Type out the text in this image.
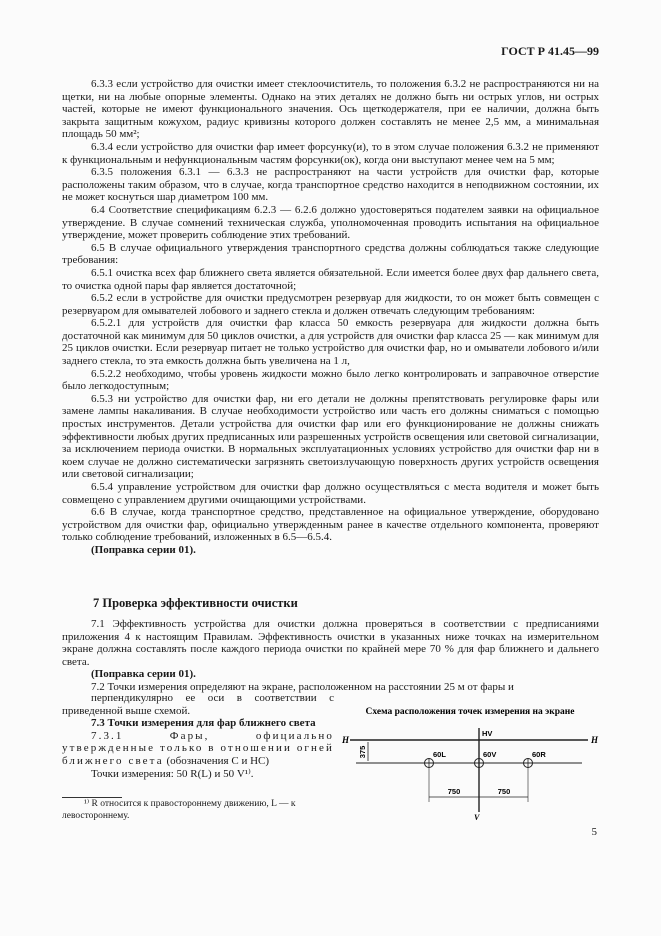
ГОСТ Р 41.45—99

6.3.3 если устройство для очистки имеет стеклоочиститель, то положения 6.3.2 не распространяются ни на щетки, ни на любые опорные элементы. Однако на этих деталях не должно быть ни острых углов, ни острых частей, которые не имеют функционального значения. Ось щеткодержателя, при ее наличии, должна быть закрыта защитным кожухом, радиус кривизны которого должен составлять не менее 2,5 мм, а минимальная площадь 50 мм²;

6.3.4 если устройство для очистки фар имеет форсунку(и), то в этом случае положения 6.3.2 не применяют к функциональным и нефункциональным частям форсунки(ок), когда они выступают менее чем на 5 мм;

6.3.5 положения 6.3.1 — 6.3.3 не распространяют на части устройств для очистки фар, которые расположены таким образом, что в случае, когда транспортное средство находится в неподвижном состоянии, их не может коснуться шар диаметром 100 мм.

6.4 Соответствие спецификациям 6.2.3 — 6.2.6 должно удостоверяться подателем заявки на официальное утверждение. В случае сомнений техническая служба, уполномоченная проводить испытания на официальное утверждение, может проверить соблюдение этих требований.

6.5 В случае официального утверждения транспортного средства должны соблюдаться также следующие требования:

6.5.1 очистка всех фар ближнего света является обязательной. Если имеется более двух фар дальнего света, то очистка одной пары фар является достаточной;

6.5.2 если в устройстве для очистки предусмотрен резервуар для жидкости, то он может быть совмещен с резервуаром для омывателей лобового и заднего стекла и должен отвечать следующим требованиям:

6.5.2.1 для устройств для очистки фар класса 50 емкость резервуара для жидкости должна быть достаточной как минимум для 50 циклов очистки, а для устройств для очистки фар класса 25 — как минимум для 25 циклов очистки. Если резервуар питает не только устройство для очистки фар, но и омыватели лобового и/или заднего стекла, то эта емкость должна быть увеличена на 1 л,

6.5.2.2 необходимо, чтобы уровень жидкости можно было легко контролировать и заправочное отверстие было легкодоступным;

6.5.3 ни устройство для очистки фар, ни его детали не должны препятствовать регулировке фары или замене лампы накаливания. В случае необходимости устройство или часть его должны сниматься с помощью простых инструментов. Детали устройства для очистки фар или его функционирование не должны снижать эффективности любых других предписанных или разрешенных устройств освещения или световой сигнализации, за исключением периода очистки. В нормальных эксплуатационных условиях устройство для очистки фар ни в коем случае не должно систематически загрязнять светоизлучающую поверхность других устройств освещения или световой сигнализации;

6.5.4 управление устройством для очистки фар должно осуществляться с места водителя и может быть совмещено с управлением другими очищающими устройствами.

6.6 В случае, когда транспортное средство, представленное на официальное утверждение, оборудовано устройством для очистки фар, официально утвержденным ранее в качестве отдельного компонента, проверяют только соблюдение требований, изложенных в 6.5—6.5.4.

(Поправка серии 01).

7 Проверка эффективности очистки

7.1 Эффективность устройства для очистки должна проверяться в соответствии с предписаниями приложения 4 к настоящим Правилам. Эффективность очистки в указанных ниже точках на измерительном экране должна составлять после каждого периода очистки по крайней мере 70 % для фар ближнего и дальнего света.

(Поправка серии 01).

7.2 Точки измерения определяют на экране, расположенном на расстоянии 25 м от фары и

перпендикулярно ее оси в соответствии с приведенной выше схемой.

7.3 Точки измерения для фар ближнего света

7.3.1 Фары, официально утвержденные только в отношении огней ближнего света (обозначения C и HC)

Точки измерения: 50 R(L) и 50 V¹⁾.

¹⁾ R относится к правостороннему движению, L — к левостороннему.

Схема расположения точек измерения на экране
375
H	H
HV
V
60L	60V	60R
750	750
5
